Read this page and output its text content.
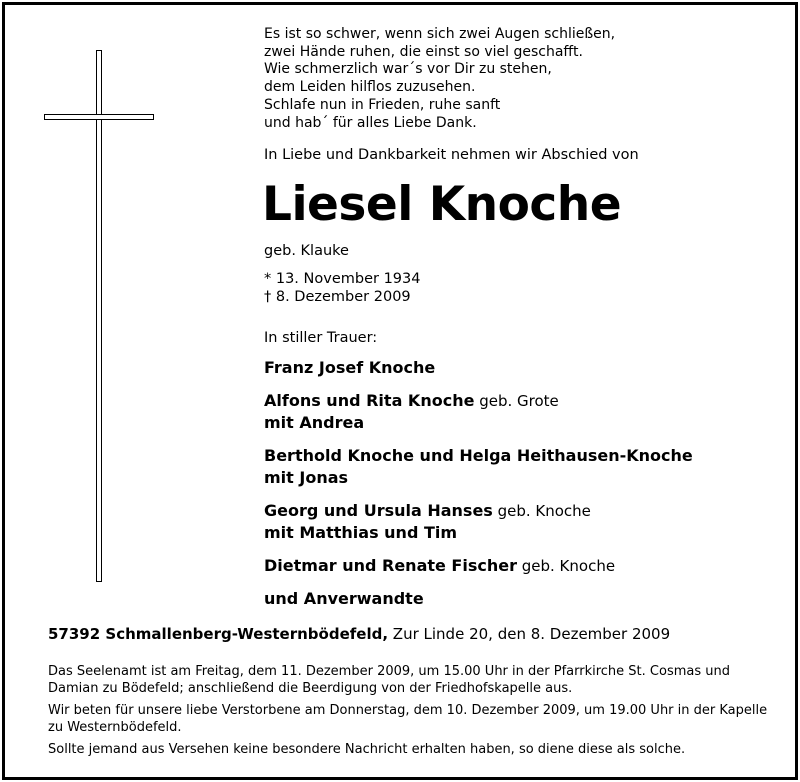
Es ist so schwer, wenn sich zwei Augen schließen,
zwei Hände ruhen, die einst so viel geschafft.
Wie schmerzlich war´s vor Dir zu stehen,
dem Leiden hilflos zuzusehen.
Schlafe nun in Frieden, ruhe sanft
und hab´ für alles Liebe Dank.
In Liebe und Dankbarkeit nehmen wir Abschied von
Liesel Knoche
geb. Klauke
* 13. November 1934
† 8. Dezember 2009
In stiller Trauer:
Franz Josef Knoche
Alfons und Rita Knoche geb. Grote
mit Andrea
Berthold Knoche und Helga Heithausen-Knoche
mit Jonas
Georg und Ursula Hanses geb. Knoche
mit Matthias und Tim
Dietmar und Renate Fischer geb. Knoche
und Anverwandte
57392 Schmallenberg-Westernbödefeld, Zur Linde 20, den 8. Dezember 2009

Das Seelenamt ist am Freitag, dem 11. Dezember 2009, um 15.00 Uhr in der Pfarrkirche St. Cosmas und Damian zu Bödefeld; anschließend die Beerdigung von der Friedhofskapelle aus.

Wir beten für unsere liebe Verstorbene am Donnerstag, dem 10. Dezember 2009, um 19.00 Uhr in der Kapelle zu Westernbödefeld.

Sollte jemand aus Versehen keine besondere Nachricht erhalten haben, so diene diese als solche.
